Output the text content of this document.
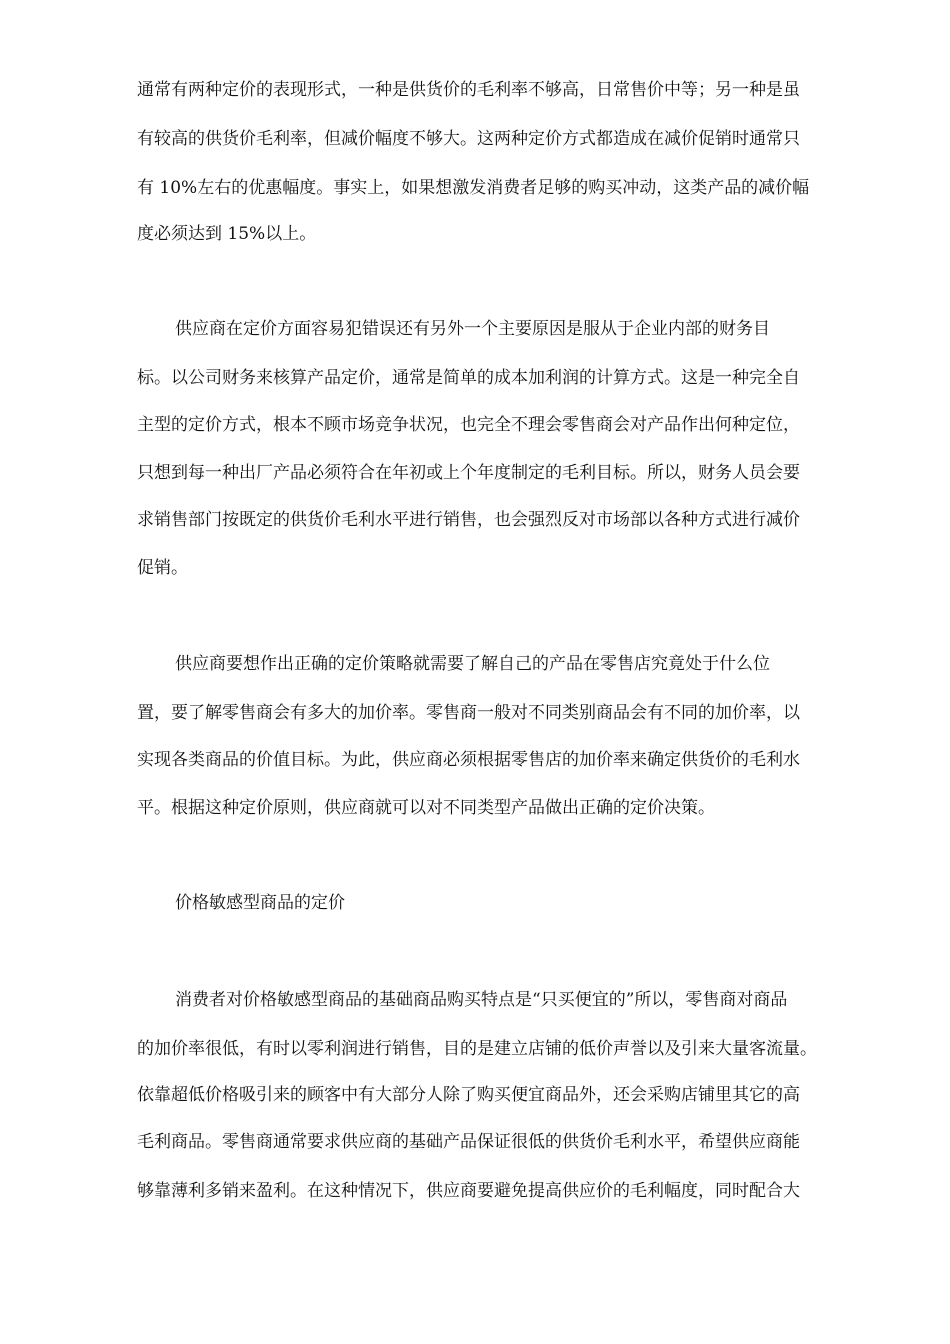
通常有两种定价的表现形式，一种是供货价的毛利率不够高，日常售价中等；另一种是虽
有较高的供货价毛利率，但减价幅度不够大。这两种定价方式都造成在减价促销时通常只
有 10%左右的优惠幅度。事实上，如果想激发消费者足够的购买冲动，这类产品的减价幅
度必须达到 15%以上。
供应商在定价方面容易犯错误还有另外一个主要原因是服从于企业内部的财务目
标。以公司财务来核算产品定价，通常是简单的成本加利润的计算方式。这是一种完全自
主型的定价方式，根本不顾市场竞争状况，也完全不理会零售商会对产品作出何种定位，
只想到每一种出厂产品必须符合在年初或上个年度制定的毛利目标。所以，财务人员会要
求销售部门按既定的供货价毛利水平进行销售，也会强烈反对市场部以各种方式进行减价
促销。
供应商要想作出正确的定价策略就需要了解自己的产品在零售店究竟处于什么位
置，要了解零售商会有多大的加价率。零售商一般对不同类别商品会有不同的加价率，以
实现各类商品的价值目标。为此，供应商必须根据零售店的加价率来确定供货价的毛利水
平。根据这种定价原则，供应商就可以对不同类型产品做出正确的定价决策。
价格敏感型商品的定价
消费者对价格敏感型商品的基础商品购买特点是“只买便宜的”所以，零售商对商品
的加价率很低，有时以零利润进行销售，目的是建立店铺的低价声誉以及引来大量客流量。
依靠超低价格吸引来的顾客中有大部分人除了购买便宜商品外，还会采购店铺里其它的高
毛利商品。零售商通常要求供应商的基础产品保证很低的供货价毛利水平，希望供应商能
够靠薄利多销来盈利。在这种情况下，供应商要避免提高供应价的毛利幅度，同时配合大
